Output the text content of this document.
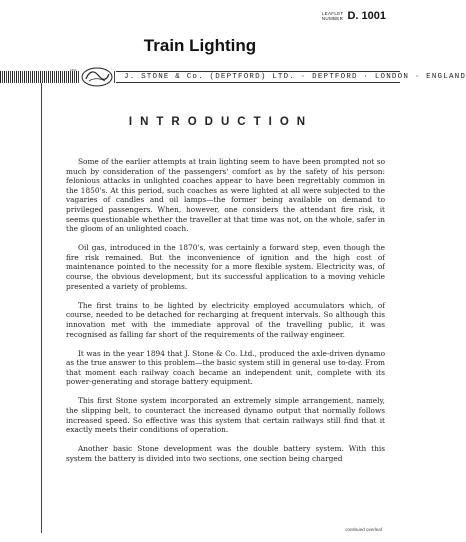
LEAFLET
NUMBER D. 1001
Train Lighting
J. STONE & Co. (DEPTFORD) LTD. · DEPTFORD · LONDON · ENGLAND
1831
INTRODUCTION

Some of the earlier attempts at train lighting seem to have been prompted not so much by consideration of the passengers' comfort as by the safety of his person: felonious attacks in unlighted coaches appear to have been regrettably common in the 1850's. At this period, such coaches as were lighted at all were subjected to the vagaries of candles and oil lamps—the former being available on demand to privileged passengers. When, however, one considers the attendant fire risk, it seems questionable whether the traveller at that time was not, on the whole, safer in the gloom of an unlighted coach.

Oil gas, introduced in the 1870's, was certainly a forward step, even though the fire risk remained. But the inconvenience of ignition and the high cost of maintenance pointed to the necessity for a more flexible system. Electricity was, of course, the obvious development, but its successful application to a moving vehicle presented a variety of problems.

The first trains to be lighted by electricity employed accumulators which, of course, needed to be detached for recharging at frequent intervals. So although this innovation met with the immediate approval of the travelling public, it was recognised as falling far short of the requirements of the railway engineer.

It was in the year 1894 that J. Stone & Co. Ltd., produced the axle-driven dynamo as the true answer to this problem—the basic system still in general use to-day. From that moment each railway coach became an independent unit, complete with its power-generating and storage battery equipment.

This first Stone system incorporated an extremely simple arrangement, namely, the slipping belt, to counteract the increased dynamo output that normally follows increased speed. So effective was this system that certain railways still find that it exactly meets their conditions of operation.

Another basic Stone development was the double battery system. With this system the battery is divided into two sections, one section being charged

continued overleaf
